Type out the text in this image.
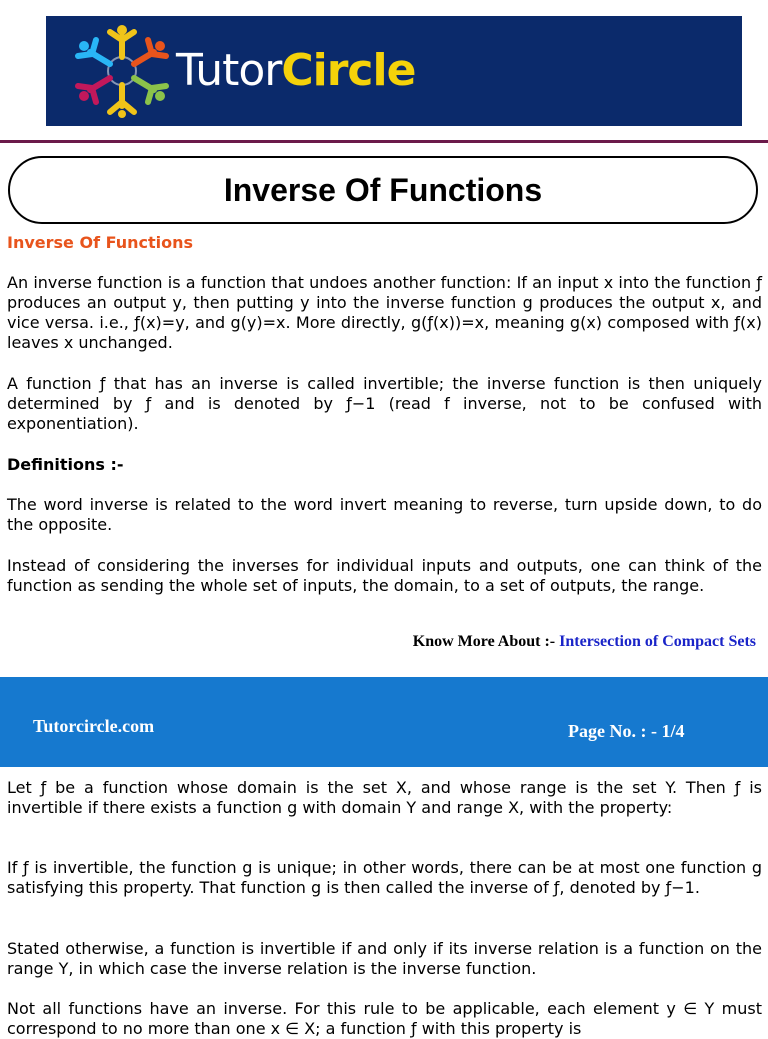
TutorCircle
Inverse Of Functions
Inverse Of Functions

An inverse function is a function that undoes another function: If an input x into the function ƒ produces an output y, then putting y into the inverse function g produces the output x, and vice versa. i.e., ƒ(x)=y, and g(y)=x. More directly, g(ƒ(x))=x, meaning g(x) composed with ƒ(x) leaves x unchanged.

A function ƒ that has an inverse is called invertible; the inverse function is then uniquely determined by ƒ and is denoted by ƒ−1 (read f inverse, not to be confused with exponentiation).

Definitions :-

The word inverse is related to the word invert meaning to reverse, turn upside down, to do the opposite.

Instead of considering the inverses for individual inputs and outputs, one can think of the function as sending the whole set of inputs, the domain, to a set of outputs, the range.

Know More About :- Intersection of Compact Sets
Tutorcircle.com	Page No. : - 1/4

Let ƒ be a function whose domain is the set X, and whose range is the set Y. Then ƒ is invertible if there exists a function g with domain Y and range X, with the property:

If ƒ is invertible, the function g is unique; in other words, there can be at most one function g satisfying this property. That function g is then called the inverse of ƒ, denoted by ƒ−1.

Stated otherwise, a function is invertible if and only if its inverse relation is a function on the range Y, in which case the inverse relation is the inverse function.

Not all functions have an inverse. For this rule to be applicable, each element y ∈ Y must correspond to no more than one x ∈ X; a function ƒ with this property is
